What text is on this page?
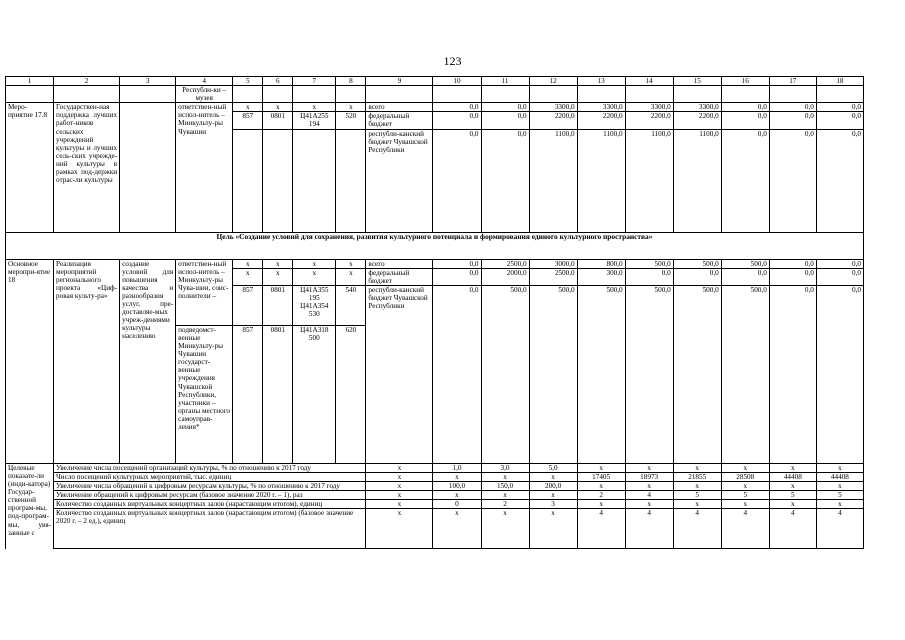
123
1	2	3	4	5	6	7	8	9	10	11	12	13	14	15	16	17	18
			Республи-ки – музея														
Меро-приятие 17.8	Государствен-ная поддержка лучших работ-ников сельских учреждений культуры и лучших сель-ских учрежде-ний культуры в рамках под-держки отрас-ли культуры		ответствен-ный испол-нитель – Минкульту-ры Чувашии	x	x	x	x	всего	0,0	0,0	3300,0	3300,0	3300,0	3300,0	0,0	0,0	0,0
				857	0801	Ц41А255 194	520	федеральный бюджет	0,0	0,0	2200,0	2200,0	2200,0	2200,0	0,0	0,0	0,0
								республи-канский бюджет Чувашской Республики	0,0	0,0	1100,0	1100,0	1100,0	1100,0	0,0	0,0	0,0
Цель «Создание условий для сохранения, развития культурного потенциала и формирования единого культурного пространства»																	
Основное меропри-ятие 18	Реализация мероприятий регионального проекта «Циф-ровая культу-ра»	создание условий для повышения качества и разнообразия услуг, пре-доставляе-мых учреж-дениями культуры населению	ответствен-ный испол-нитель – Минкульту-ры Чува-шии, соис-полнители –	x	x	x	x	всего	0,0	2500,0	3000,0	800,0	500,0	500,0	500,0	0,0	0,0
				x	x	x	x	федеральный бюджет	0,0	2000,0	2500,0	300,0	0,0	0,0	0,0	0,0	0,0
				857	0801	Ц41А355 195 Ц41А354 530	540	республи-канский бюджет Чувашской Республики	0,0	500,0	500,0	500,0	500,0	500,0	500,0	0,0	0,0
			подведомст-венные Минкульту-ры Чувашии государст-венные учреждения Чувашской Республики, участники – органы местного самоуправ-ления*	857	0801	Ц41А318 500	620										
Целевые показате-ли (инди-катора) Государ-ственной програм-мы, под-програм-мы, увя-занные с	Увеличение числа посещений организаций культуры, % по отношению к 2017 году							x	1,0	3,0	5,0	x	x	x	x	x	x
	Число посещений культурных мероприятий, тыс. единиц							x	x	x	x	17405	18973	21855	28508	44408	44408
	Увеличение числа обращений к цифровым ресурсам культуры, % по отношению к 2017 году							x	100,0	150,0	200,0	x	x	x	x	x	x
	Увеличение обращений к цифровым ресурсам (базовое значение 2020 г. – 1), раз							x	x	x	x	2	4	5	5	5	5
	Количество созданных виртуальных концертных залов (нарастающим итогом), единиц							x	0	2	3	x	x	x	x	x	x
	Количество созданных виртуальных концертных залов (нарастающим итогом) (базовое значение 2020 г. – 2 ед.), единиц							x	x	x	x	4	4	4	4	4	4
